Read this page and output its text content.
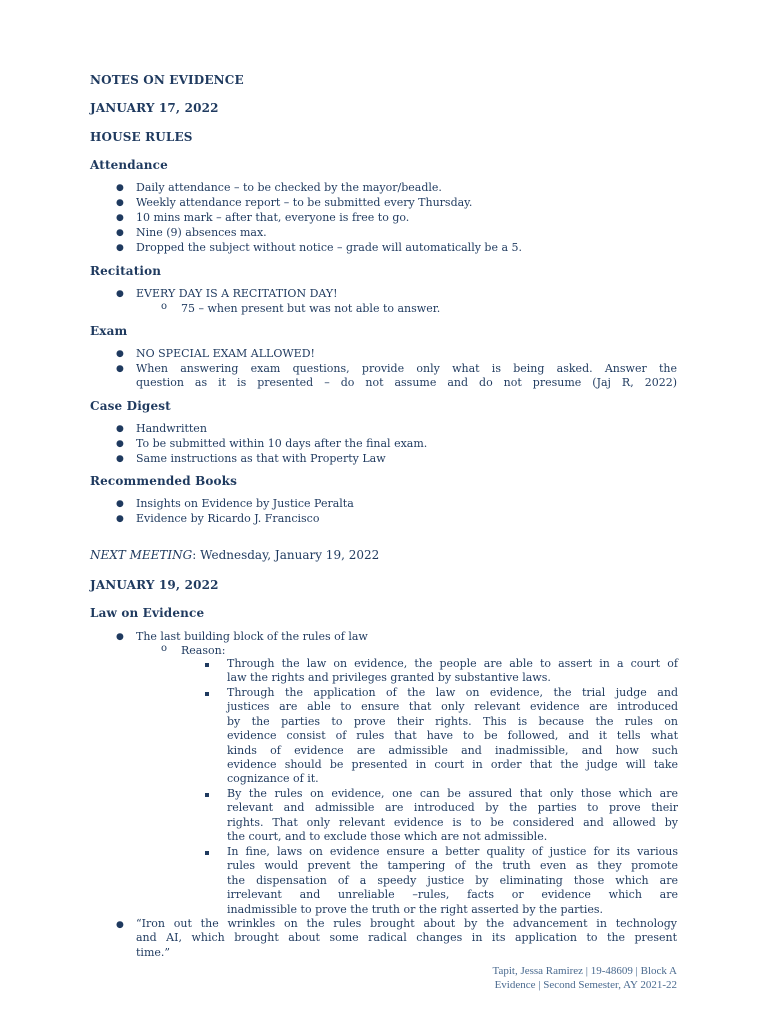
NOTES ON EVIDENCE
JANUARY 17, 2022
HOUSE RULES
Attendance
● Daily attendance – to be checked by the mayor/beadle.
● Weekly attendance report – to be submitted every Thursday.
● 10 mins mark – after that, everyone is free to go.
● Nine (9) absences max.
● Dropped the subject without notice – grade will automatically be a 5.
Recitation
● EVERY DAY IS A RECITATION DAY!
o 75 – when present but was not able to answer.
Exam
● NO SPECIAL EXAM ALLOWED!
● When answering exam questions, provide only what is being asked. Answer the
question as it is presented – do not assume and do not presume (Jaj R, 2022)
Case Digest
● Handwritten
● To be submitted within 10 days after the final exam.
● Same instructions as that with Property Law
Recommended Books
● Insights on Evidence by Justice Peralta
● Evidence by Ricardo J. Francisco
NEXT MEETING: Wednesday, January 19, 2022
JANUARY 19, 2022
Law on Evidence
● The last building block of the rules of law
o Reason:
Through the law on evidence, the people are able to assert in a court of
law the rights and privileges granted by substantive laws.
Through the application of the law on evidence, the trial judge and
justices are able to ensure that only relevant evidence are introduced
by the parties to prove their rights. This is because the rules on
evidence consist of rules that have to be followed, and it tells what
kinds of evidence are admissible and inadmissible, and how such
evidence should be presented in court in order that the judge will take
cognizance of it.
By the rules on evidence, one can be assured that only those which are
relevant and admissible are introduced by the parties to prove their
rights. That only relevant evidence is to be considered and allowed by
the court, and to exclude those which are not admissible.
In fine, laws on evidence ensure a better quality of justice for its various
rules would prevent the tampering of the truth even as they promote
the dispensation of a speedy justice by eliminating those which are
irrelevant and unreliable –rules, facts or evidence which are
inadmissible to prove the truth or the right asserted by the parties.
● “Iron out the wrinkles on the rules brought about by the advancement in technology
and AI, which brought about some radical changes in its application to the present
time.”
Tapit, Jessa Ramirez | 19-48609 | Block A
Evidence | Second Semester, AY 2021-22
